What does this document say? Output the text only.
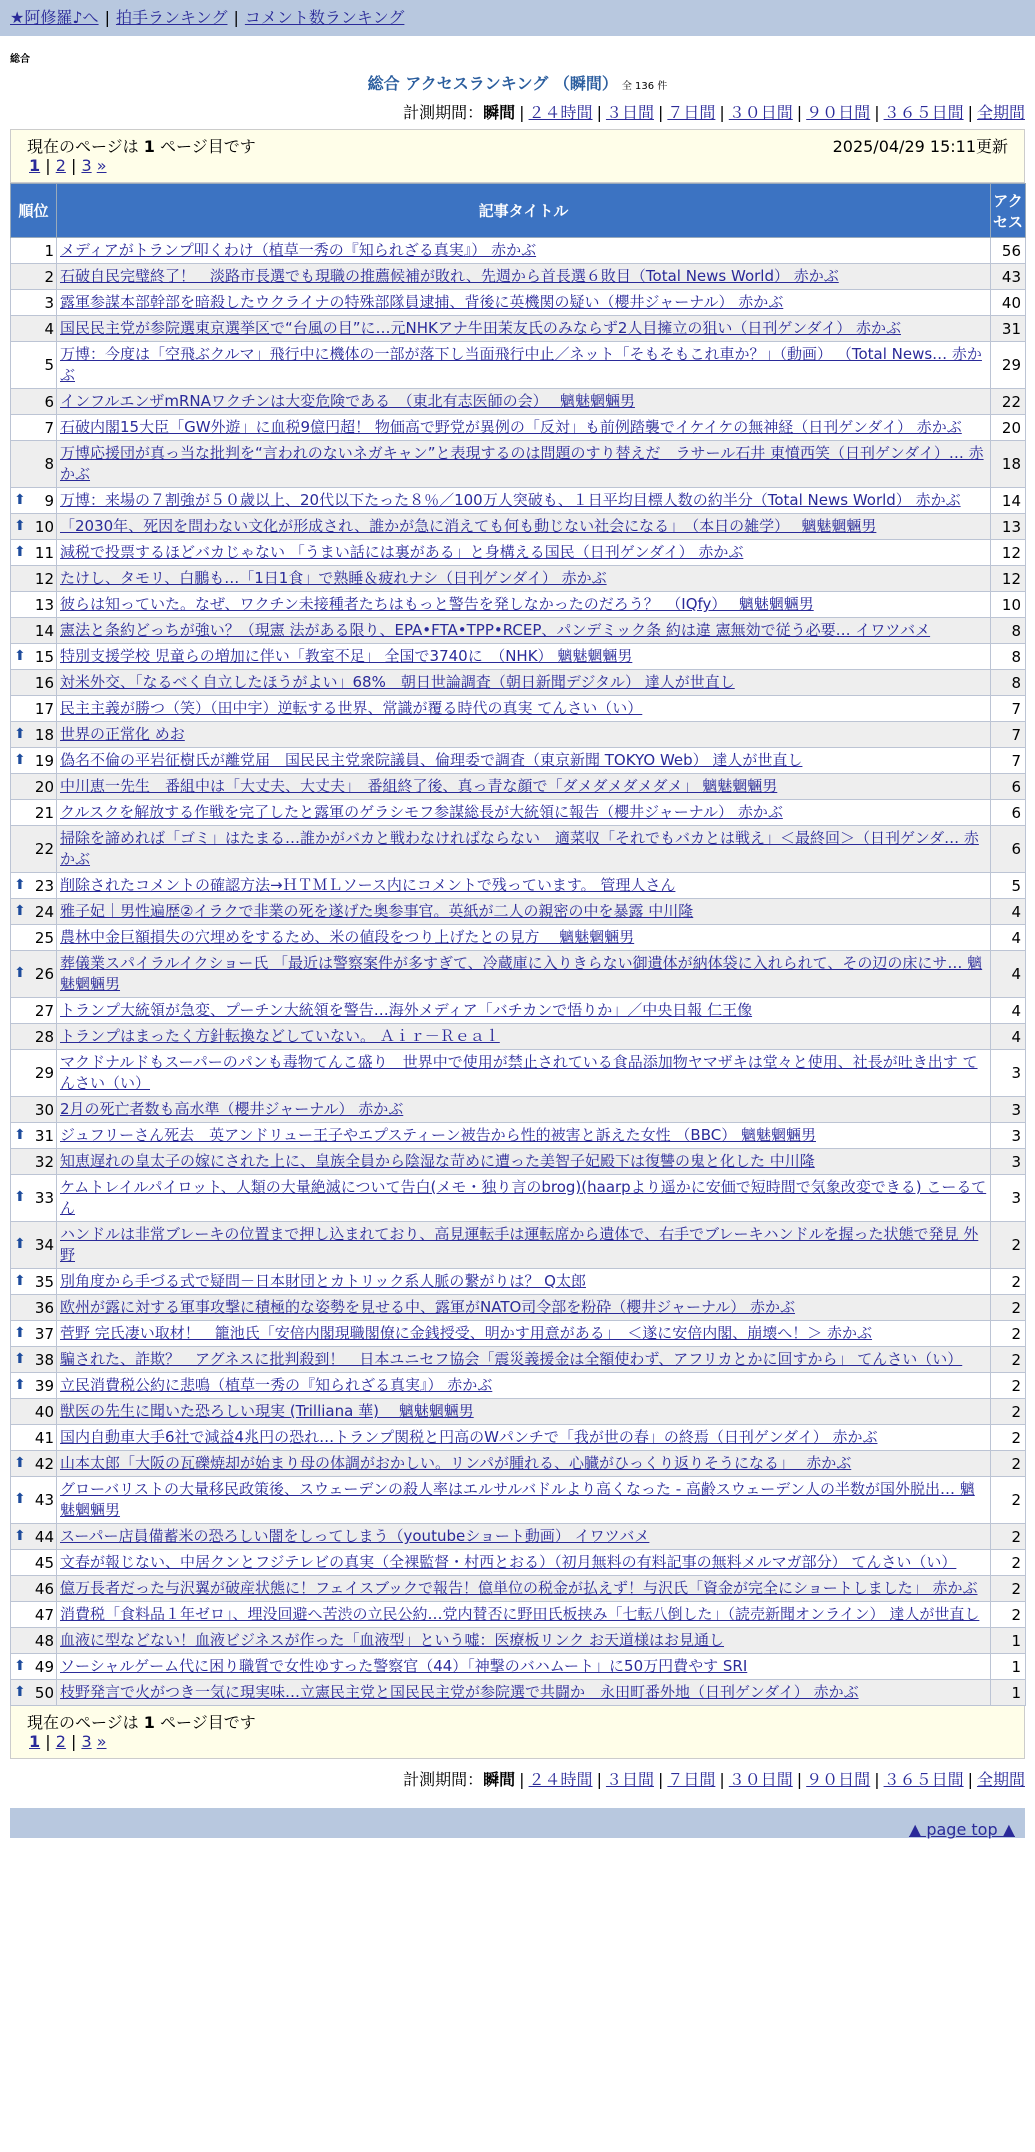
★阿修羅♪へ | 拍手ランキング | コメント数ランキング
総合
総合 アクセスランキング （瞬間） 全 136 件
計測期間：瞬間 | ２４時間 | ３日間 | ７日間 | ３０日間 | ９０日間 | ３６５日間 | 全期間
現在のページは 1 ページ目です	2025/04/29 15:11更新
1 | 2 | 3 »
順位	記事タイトル	アクセス
1	メディアがトランプ叩くわけ（植草一秀の『知られざる真実』） 赤かぶ	56
2	石破自民完璧終了！　淡路市長選でも現職の推薦候補が敗れ、先週から首長選６敗目（Total News World） 赤かぶ	43
3	露軍参謀本部幹部を暗殺したウクライナの特殊部隊員逮捕、背後に英機関の疑い（櫻井ジャーナル） 赤かぶ	40
4	国民民主党が参院選東京選挙区で“台風の目”に…元NHKアナ牛田茉友氏のみならず2人目擁立の狙い（日刊ゲンダイ） 赤かぶ	31
5	万博：今度は「空飛ぶクルマ」飛行中に機体の一部が落下し当面飛行中止／ネット「そもそもこれ車か？」（動画） （Total News… 赤かぶ	29
6	インフルエンザmRNAワクチンは大変危険である　（東北有志医師の会）　 魑魅魍魎男	22
7	石破内閣15大臣「GW外遊」に血税9億円超！ 物価高で野党が異例の「反対」も前例踏襲でイケイケの無神経（日刊ゲンダイ） 赤かぶ	20
8	万博応援団が真っ当な批判を“言われのないネガキャン”と表現するのは問題のすり替えだ　ラサール石井 東憤西笑（日刊ゲンダイ）… 赤かぶ	18

⬆ 9	万博：来場の７割強が５０歳以上、20代以下たった８％／100万人突破も、１日平均目標人数の約半分（Total News World） 赤かぶ	14

⬆ 10	「2030年、死因を問わない文化が形成され、誰かが急に消えても何も動じない社会になる」　（本日の雑学）　 魑魅魍魎男	13

⬆ 11	減税で投票するほどバカじゃない 「うまい話には裏がある」と身構える国民（日刊ゲンダイ） 赤かぶ	12
12	たけし、タモリ、白鵬も…「1日1食」で熟睡＆疲れナシ（日刊ゲンダイ） 赤かぶ	12
13	彼らは知っていた。なぜ、ワクチン未接種者たちはもっと警告を発しなかったのだろう？　（IQfy）　 魑魅魍魎男	10
14	憲法と条約どっちが強い？（現憲 法がある限り、EPA•FTA•TPP•RCEP、パンデミック条 約は違 憲無効で従う必要… イワツバメ	8

⬆ 15	特別支援学校 児童らの増加に伴い「教室不足」 全国で3740に　（NHK） 魑魅魍魎男	8
16	対米外交、「なるべく自立したほうがよい」68%　朝日世論調査（朝日新聞デジタル） 達人が世直し	8
17	民主主義が勝つ（笑）（田中宇）逆転する世界、常識が覆る時代の真実 てんさい（い）	7

⬆ 18	世界の正常化 めお	7

⬆ 19	偽名不倫の平岩征樹氏が離党届　国民民主党衆院議員、倫理委で調査（東京新聞 TOKYO Web） 達人が世直し	7
20	中川恵一先生　番組中は「大丈夫、大丈夫」　番組終了後、真っ青な顔で「ダメダメダメダメ」 魑魅魍魎男	6
21	クルスクを解放する作戦を完了したと露軍のゲラシモフ参謀総長が大統領に報告（櫻井ジャーナル） 赤かぶ	6
22	掃除を諦めれば「ゴミ」はたまる…誰かがバカと戦わなければならない　適菜収「それでもバカとは戦え」＜最終回＞（日刊ゲンダ… 赤かぶ	6

⬆ 23	削除されたコメントの確認方法→ＨＴＭＬソース内にコメントで残っています。 管理人さん	5

⬆ 24	雅子妃｜男性遍歴②イラクで非業の死を遂げた奥参事官。英紙が二人の親密の中を暴露 中川隆	4
25	農林中金巨額損失の穴埋めをするため、米の値段をつり上げたとの見方　 魑魅魍魎男	4

⬆ 26	葬儀業スパイラルイクショー氏 「最近は警察案件が多すぎて、冷蔵庫に入りきらない御遺体が納体袋に入れられて、その辺の床にサ… 魑魅魍魎男	4
27	トランプ大統領が急変、プーチン大統領を警告…海外メディア「バチカンで悟りか」／中央日報 仁王像	4
28	トランプはまったく方針転換などしていない。 Ａｉｒ－Ｒｅａｌ	4
29	マクドナルドもスーパーのパンも毒物てんこ盛り　世界中で使用が禁止されている食品添加物ヤマザキは堂々と使用、社長が吐き出す てんさい（い）	3
30	2月の死亡者数も高水準（櫻井ジャーナル） 赤かぶ	3

⬆ 31	ジュフリーさん死去　英アンドリュー王子やエプスティーン被告から性的被害と訴えた女性 （BBC） 魑魅魍魎男	3
32	知恵遅れの皇太子の嫁にされた上に、皇族全員から陰湿な苛めに遭った美智子妃殿下は復讐の鬼と化した 中川隆	3

⬆ 33	ケムトレイルパイロット、人類の大量絶滅について告白(メモ・独り言のbrog)(haarpより遥かに安価で短時間で気象改変できる) こーるてん	3

⬆ 34	ハンドルは非常ブレーキの位置まで押し込まれており、高見運転手は運転席から遺体で、右手でブレーキハンドルを握った状態で発見 外野	2

⬆ 35	別角度から手づる式で疑問－日本財団とカトリック系人脈の繋がりは？ Q太郎	2
36	欧州が露に対する軍事攻撃に積極的な姿勢を見せる中、露軍がNATO司令部を粉砕（櫻井ジャーナル） 赤かぶ	2

⬆ 37	菅野 完氏凄い取材！　籠池氏「安倍内閣現職閣僚に金銭授受、明かす用意がある」　＜遂に安倍内閣、崩壊へ！＞ 赤かぶ	2

⬆ 38	騙された、詐欺？　アグネスに批判殺到！　日本ユニセフ協会「震災義援金は全額使わず、アフリカとかに回すから」 てんさい（い）	2

⬆ 39	立民消費税公約に悲鳴（植草一秀の『知られざる真実』） 赤かぶ	2
40	獣医の先生に聞いた恐ろしい現実 (Trilliana 華)　 魑魅魍魎男	2
41	国内自動車大手6社で減益4兆円の恐れ…トランプ関税と円高のWパンチで「我が世の春」の終焉（日刊ゲンダイ） 赤かぶ	2

⬆ 42	山本太郎「大阪の瓦礫焼却が始まり母の体調がおかしい。リンパが腫れる、心臓がひっくり返りそうになる」　 赤かぶ	2

⬆ 43	グローバリストの大量移民政策後、スウェーデンの殺人率はエルサルバドルより高くなった - 高齢スウェーデン人の半数が国外脱出… 魑魅魍魎男	2

⬆ 44	スーパー店員備蓄米の恐ろしい闇をしってしまう（youtubeショート動画） イワツバメ	2
45	文春が報じない、中居クンとフジテレビの真実（全裸監督・村西とおる）（初月無料の有料記事の無料メルマガ部分） てんさい（い）	2
46	億万長者だった与沢翼が破産状態に！フェイスブックで報告！億単位の税金が払えず！与沢氏「資金が完全にショートしました」 赤かぶ	2
47	消費税「食料品１年ゼロ」、埋没回避へ苦渋の立民公約…党内賛否に野田氏板挟み「七転八倒した」（読売新聞オンライン） 達人が世直し	2
48	血液に型などない！血液ビジネスが作った「血液型」という嘘：医療板リンク お天道様はお見通し	1

⬆ 49	ソーシャルゲーム代に困り職質で女性ゆすった警察官（44）「神撃のバハムート」に50万円費やす SRI	1

⬆ 50	枝野発言で火がつき一気に現実味…立憲民主党と国民民主党が参院選で共闘か　永田町番外地（日刊ゲンダイ） 赤かぶ	1
現在のページは 1 ページ目です
1 | 2 | 3 »
計測期間：瞬間 | ２４時間 | ３日間 | ７日間 | ３０日間 | ９０日間 | ３６５日間 | 全期間
▲ page top ▲
